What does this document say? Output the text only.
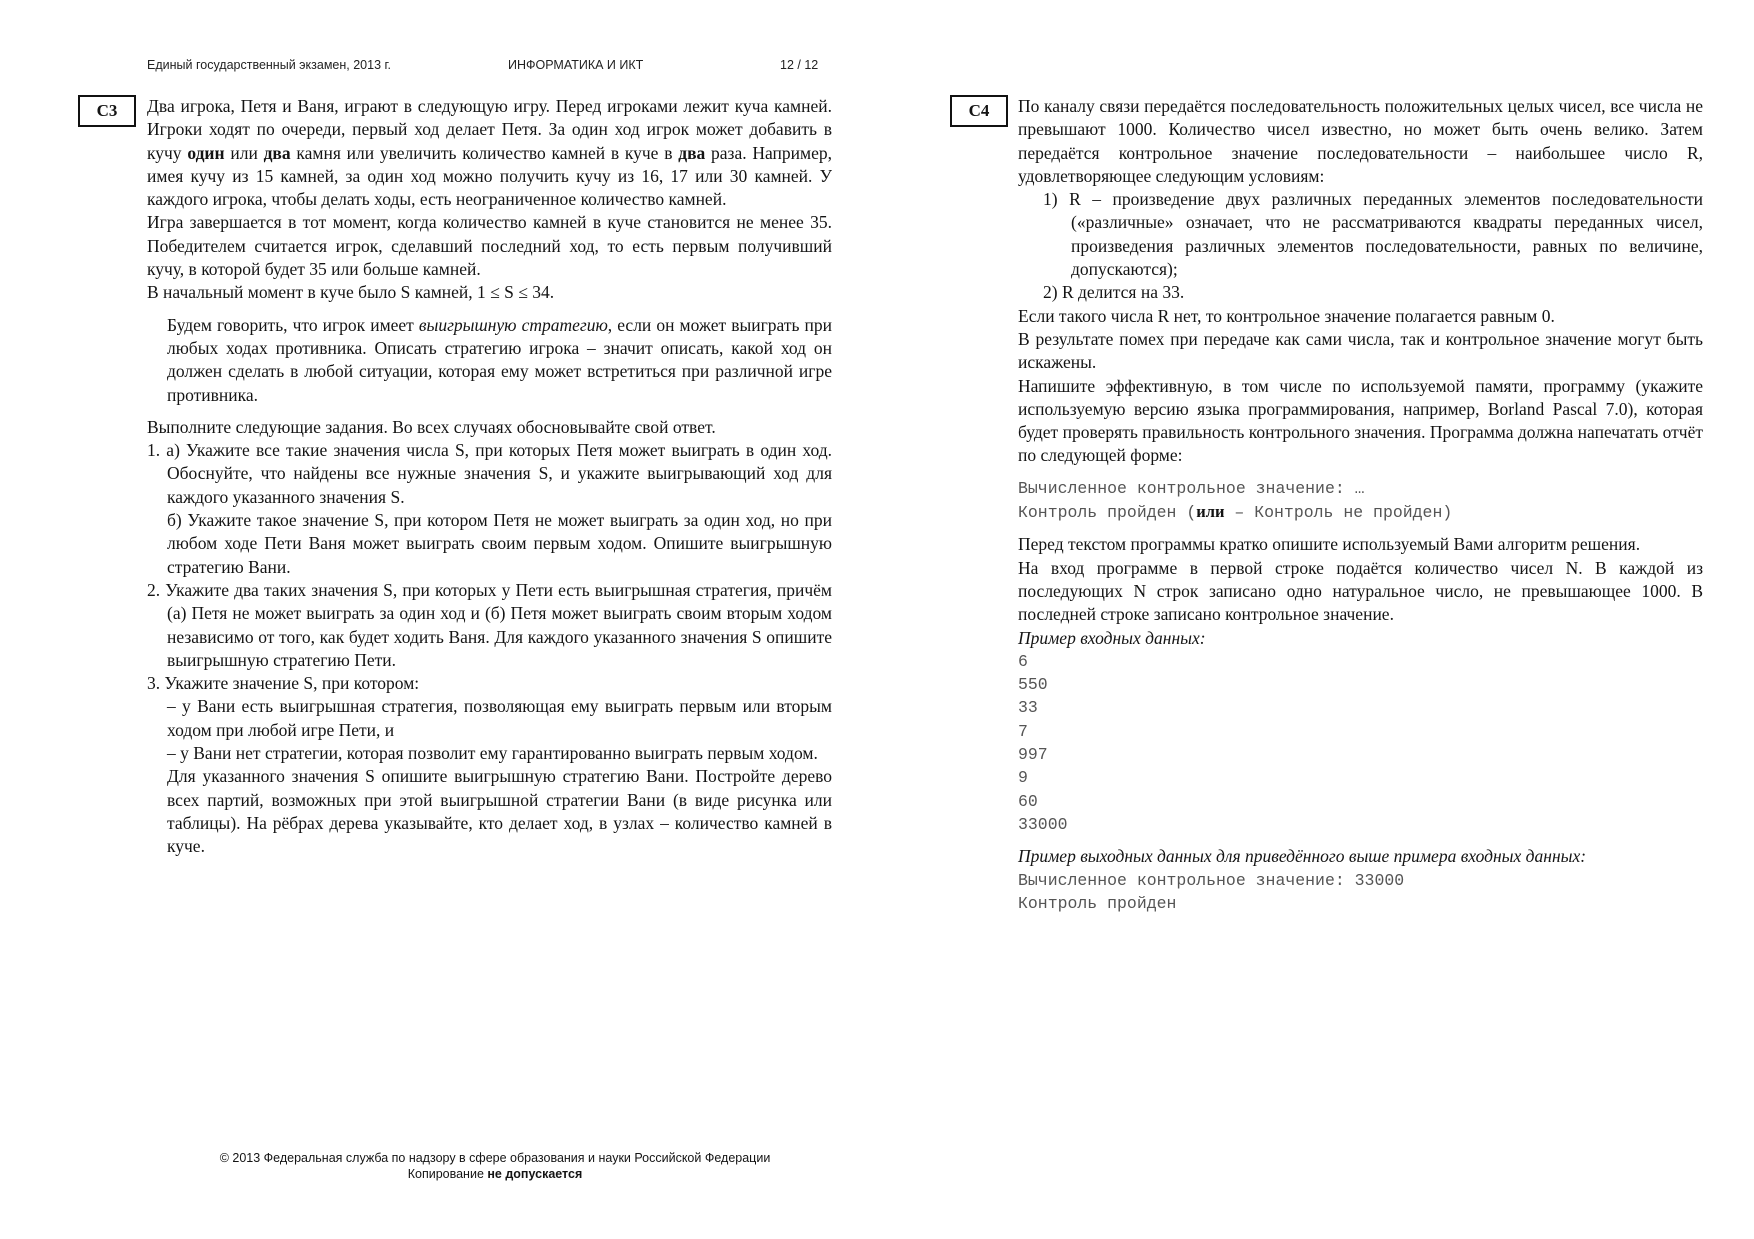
Единый государственный экзамен, 2013 г.	ИНФОРМАТИКА И ИКТ	12 / 12
C3	C4

Два игрока, Петя и Ваня, играют в следующую игру. Перед игроками лежит куча камней. Игроки ходят по очереди, первый ход делает Петя. За один ход игрок может добавить в кучу один или два камня или увеличить количество камней в куче в два раза. Например, имея кучу из 15 камней, за один ход можно получить кучу из 16, 17 или 30 камней. У каждого игрока, чтобы делать ходы, есть неограниченное количество камней.

Игра завершается в тот момент, когда количество камней в куче становится не менее 35. Победителем считается игрок, сделавший последний ход, то есть первым получивший кучу, в которой будет 35 или больше камней.

В начальный момент в куче было S камней, 1 ≤ S ≤ 34.

Будем говорить, что игрок имеет выигрышную стратегию, если он может выиграть при любых ходах противника. Описать стратегию игрока – значит описать, какой ход он должен сделать в любой ситуации, которая ему может встретиться при различной игре противника.

Выполните следующие задания. Во всех случаях обосновывайте свой ответ.

1. а) Укажите все такие значения числа S, при которых Петя может выиграть в один ход. Обоснуйте, что найдены все нужные значения S, и укажите выигрывающий ход для каждого указанного значения S.

б) Укажите такое значение S, при котором Петя не может выиграть за один ход, но при любом ходе Пети Ваня может выиграть своим первым ходом. Опишите выигрышную стратегию Вани.

2. Укажите два таких значения S, при которых у Пети есть выигрышная стратегия, причём (а) Петя не может выиграть за один ход и (б) Петя может выиграть своим вторым ходом независимо от того, как будет ходить Ваня. Для каждого указанного значения S опишите выигрышную стратегию Пети.

3. Укажите значение S, при котором:

– у Вани есть выигрышная стратегия, позволяющая ему выиграть первым или вторым ходом при любой игре Пети, и

– у Вани нет стратегии, которая позволит ему гарантированно выиграть первым ходом.

Для указанного значения S опишите выигрышную стратегию Вани. Постройте дерево всех партий, возможных при этой выигрышной стратегии Вани (в виде рисунка или таблицы). На рёбрах дерева указывайте, кто делает ход, в узлах – количество камней в куче.

По каналу связи передаётся последовательность положительных целых чисел, все числа не превышают 1000. Количество чисел известно, но может быть очень велико. Затем передаётся контрольное значение последовательности – наибольшее число R, удовлетворяющее следующим условиям:

1) R – произведение двух различных переданных элементов последовательности («различные» означает, что не рассматриваются квадраты переданных чисел, произведения различных элементов последовательности, равных по величине, допускаются);

2) R делится на 33.

Если такого числа R нет, то контрольное значение полагается равным 0.

В результате помех при передаче как сами числа, так и контрольное значение могут быть искажены.

Напишите эффективную, в том числе по используемой памяти, программу (укажите используемую версию языка программирования, например, Borland Pascal 7.0), которая будет проверять правильность контрольного значения. Программа должна напечатать отчёт по следующей форме:

Вычисленное контрольное значение: …

Контроль пройден (или – Контроль не пройден)

Перед текстом программы кратко опишите используемый Вами алгоритм решения.

На вход программе в первой строке подаётся количество чисел N. В каждой из последующих N строк записано одно натуральное число, не превышающее 1000. В последней строке записано контрольное значение.

Пример входных данных:

6

550

33

7

997

9

60

33000

Пример выходных данных для приведённого выше примера входных данных:

Вычисленное контрольное значение: 33000

Контроль пройден

© 2013 Федеральная служба по надзору в сфере образования и науки Российской Федерации
Копирование не допускается
